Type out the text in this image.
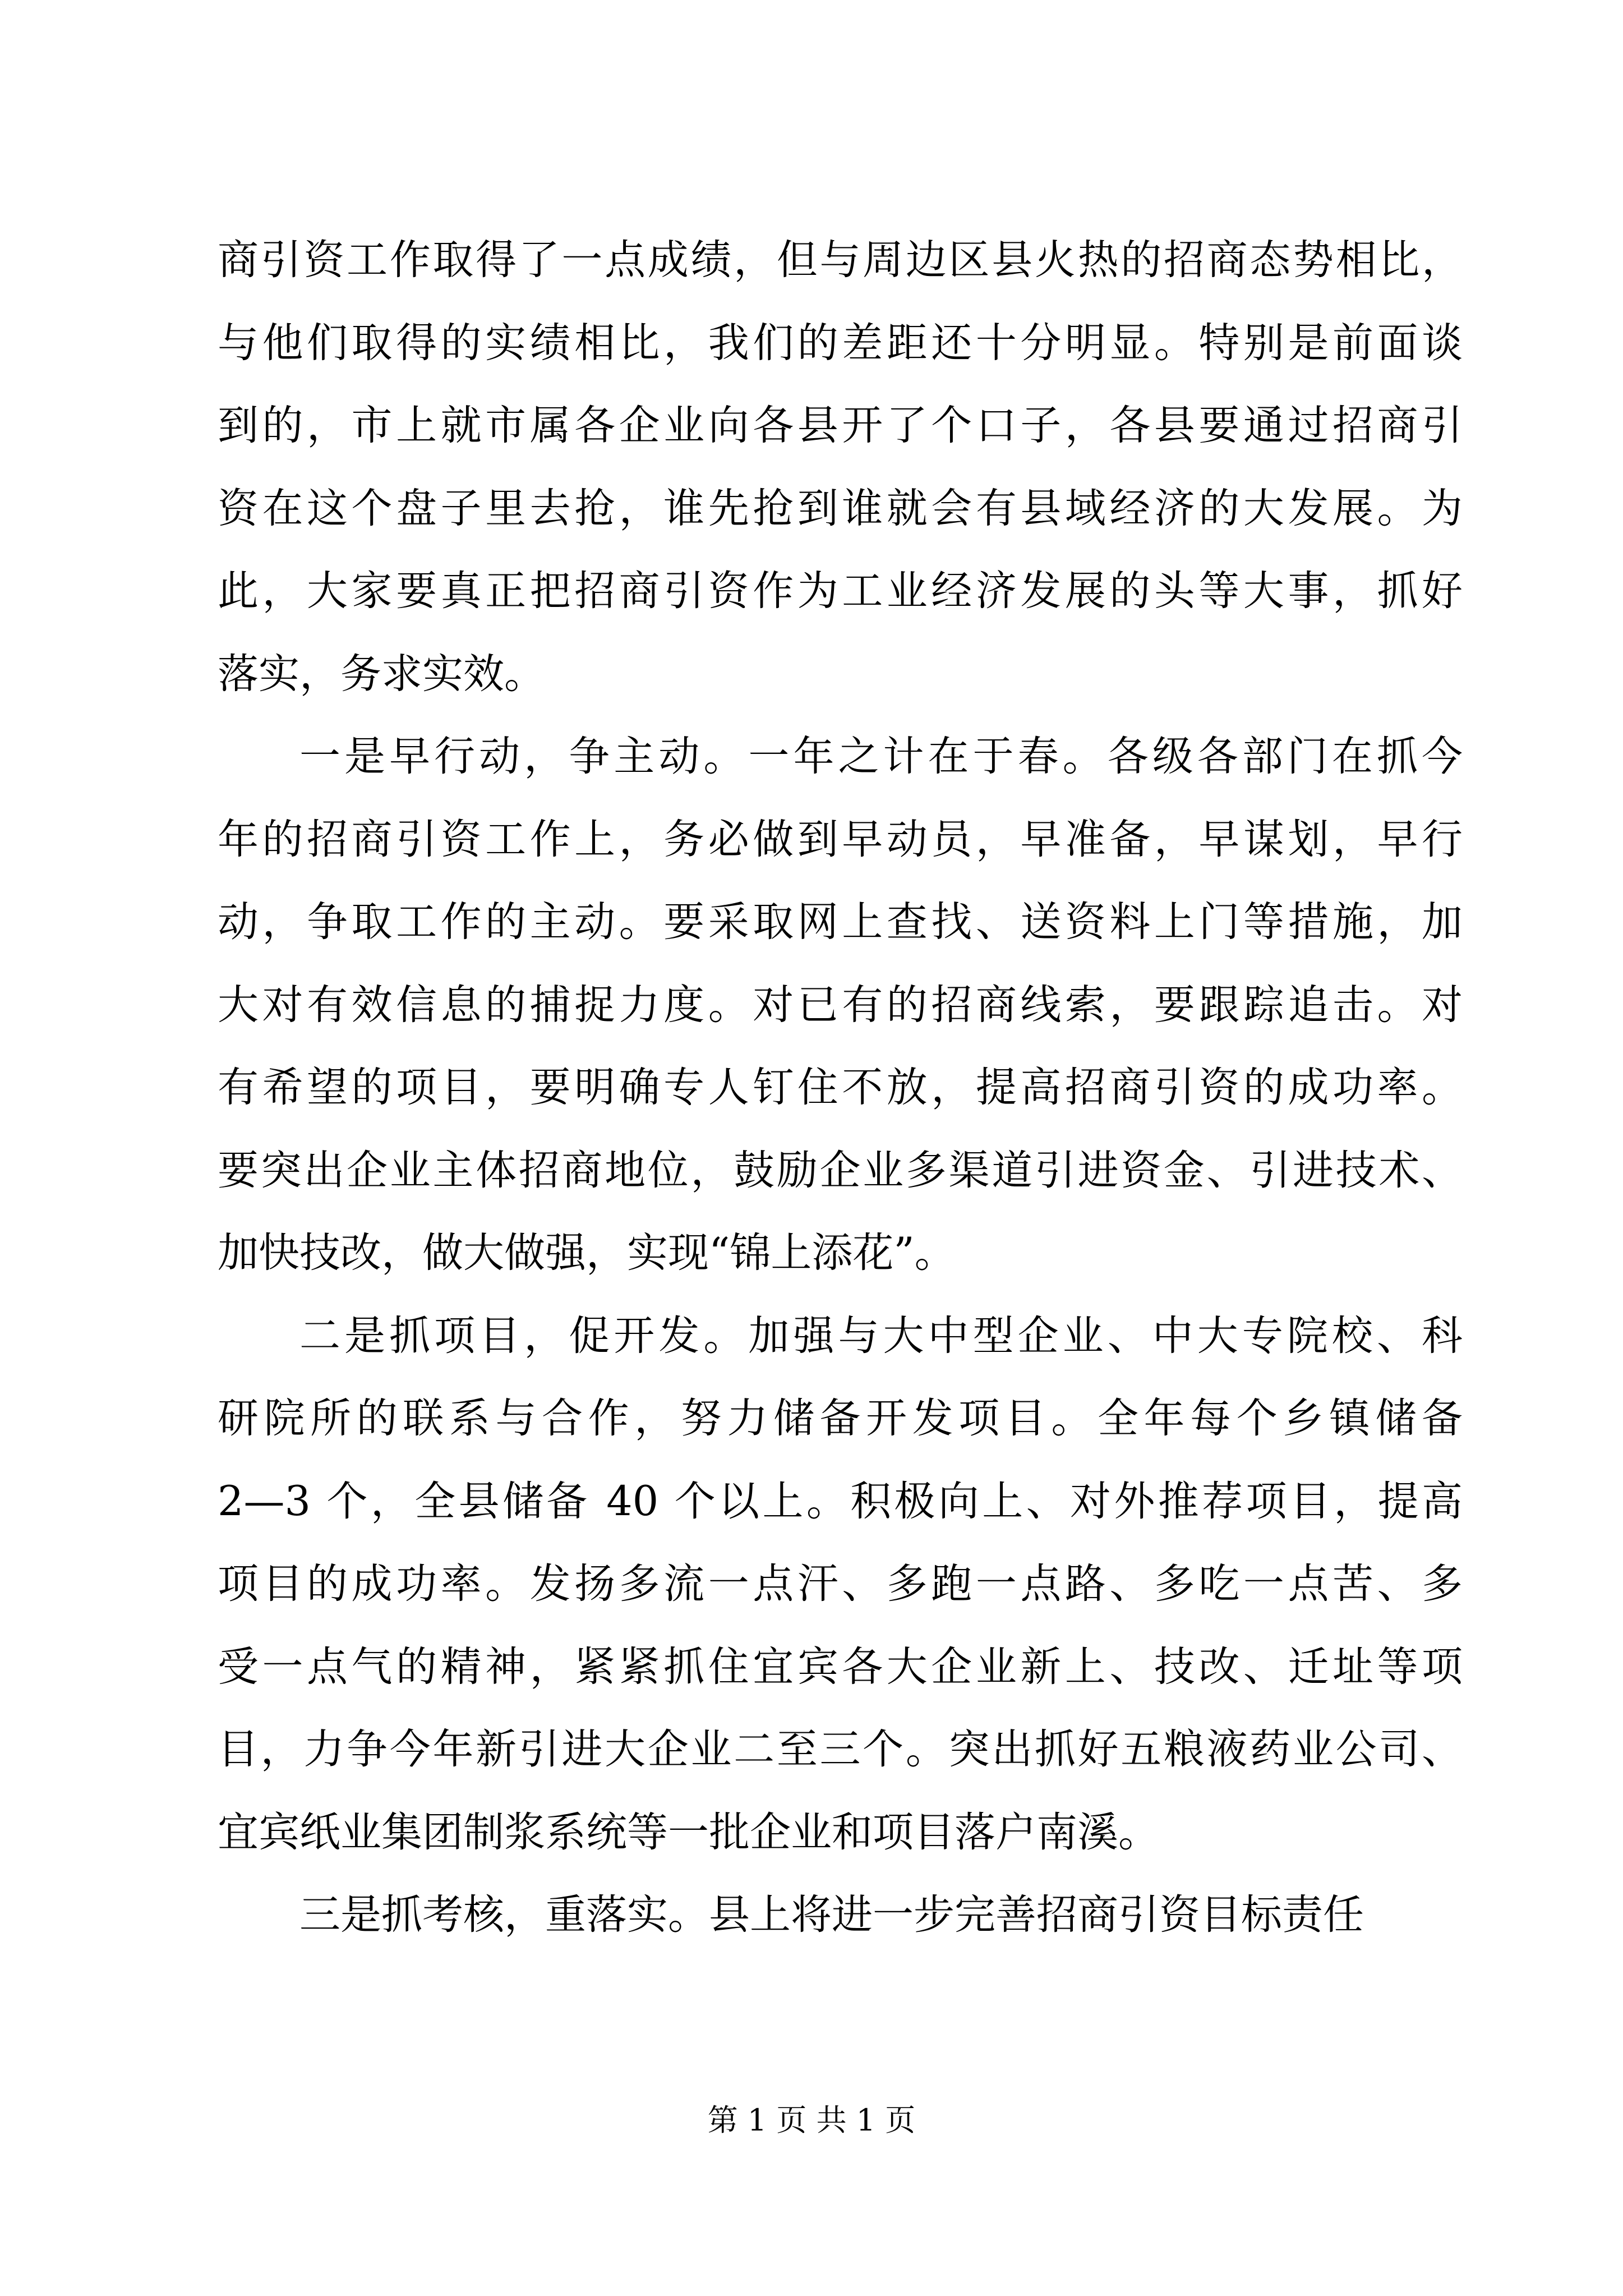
商引资工作取得了一点成绩，但与周边区县火热的招商态势相比，
与他们取得的实绩相比，我们的差距还十分明显。特别是前面谈
到的，市上就市属各企业向各县开了个口子，各县要通过招商引
资在这个盘子里去抢，谁先抢到谁就会有县域经济的大发展。为
此，大家要真正把招商引资作为工业经济发展的头等大事，抓好
落实，务求实效。
一是早行动，争主动。一年之计在于春。各级各部门在抓今
年的招商引资工作上，务必做到早动员，早准备，早谋划，早行
动，争取工作的主动。要采取网上查找、送资料上门等措施，加
大对有效信息的捕捉力度。对已有的招商线索，要跟踪追击。对
有希望的项目，要明确专人钉住不放，提高招商引资的成功率。
要突出企业主体招商地位，鼓励企业多渠道引进资金、引进技术、
加快技改，做大做强，实现“锦上添花”。
二是抓项目，促开发。加强与大中型企业、中大专院校、科
研院所的联系与合作，努力储备开发项目。全年每个乡镇储备
2—3 个，全县储备 40 个以上。积极向上、对外推荐项目，提高
项目的成功率。发扬多流一点汗、多跑一点路、多吃一点苦、多
受一点气的精神，紧紧抓住宜宾各大企业新上、技改、迁址等项
目，力争今年新引进大企业二至三个。突出抓好五粮液药业公司、
宜宾纸业集团制浆系统等一批企业和项目落户南溪。
三是抓考核，重落实。县上将进一步完善招商引资目标责任
第 1 页 共 1 页
